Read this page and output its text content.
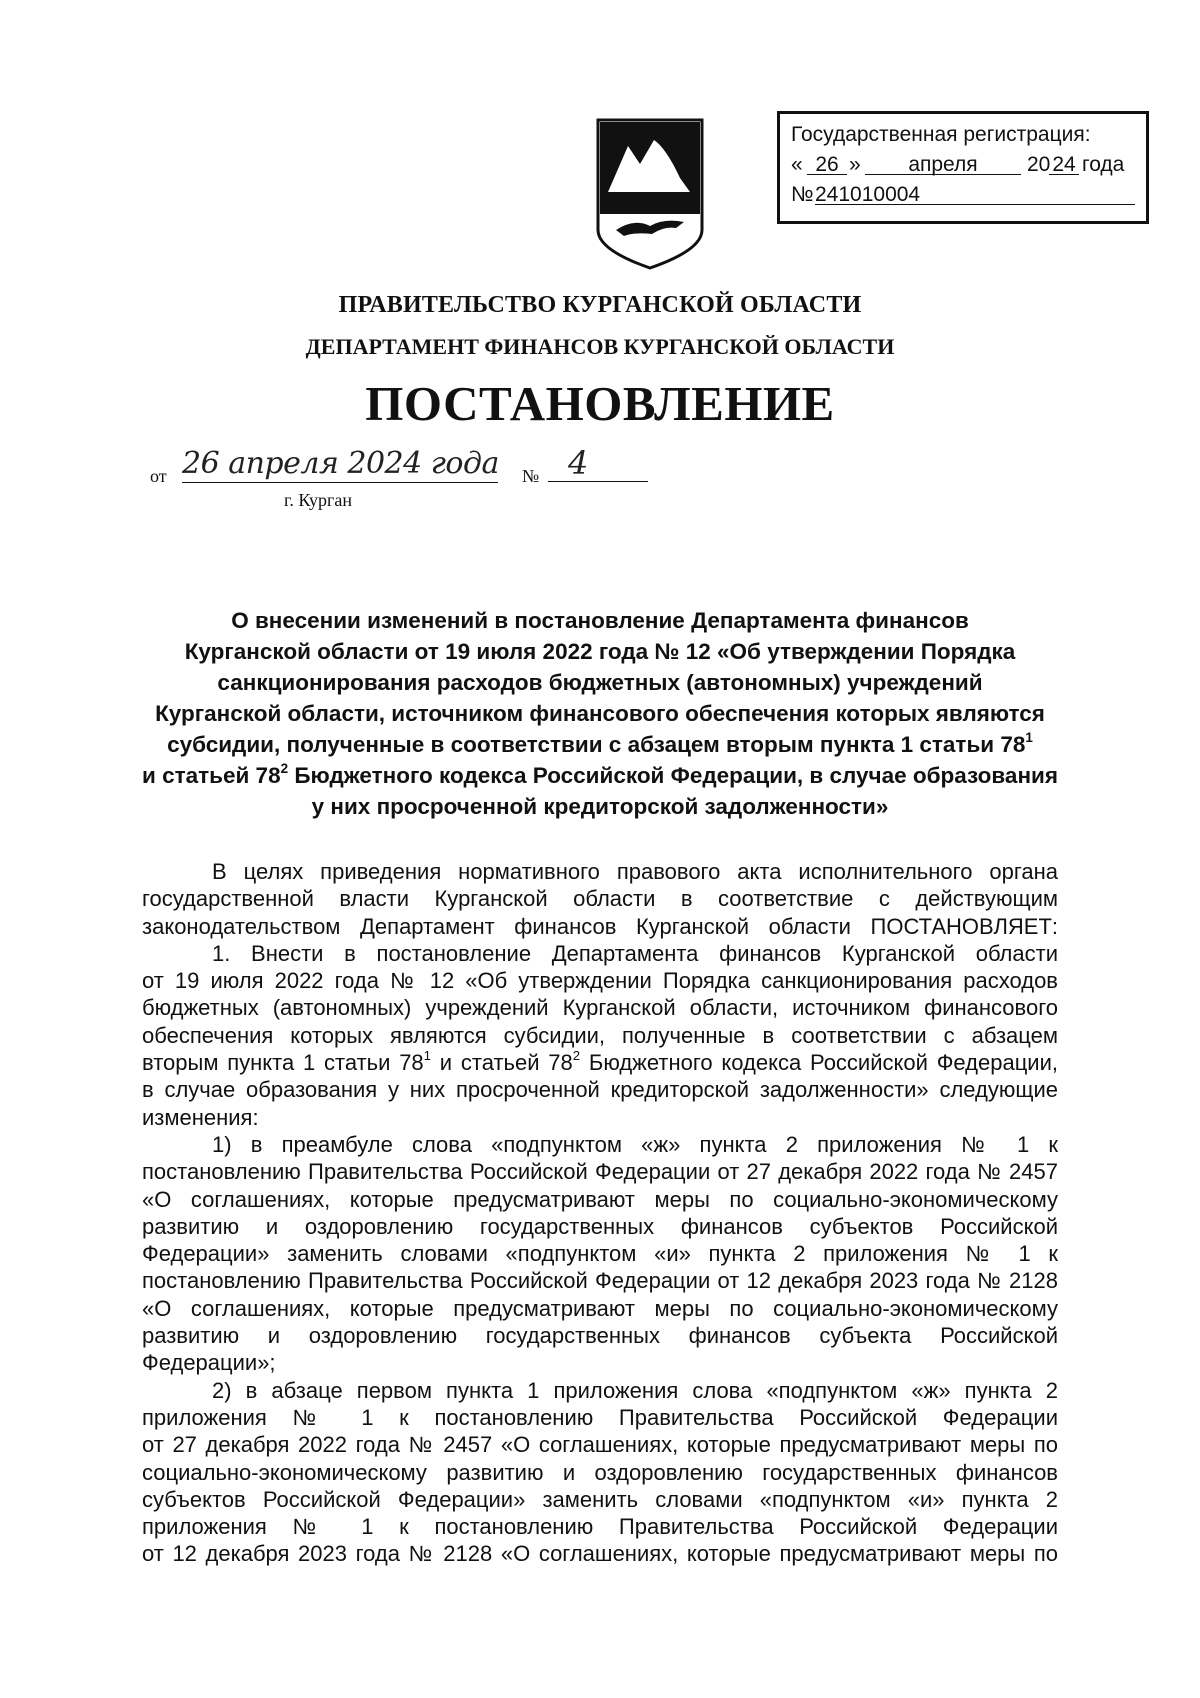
Государственная регистрация:
« 26 »	апреля	20 24 года
№ 241010004
ПРАВИТЕЛЬСТВО КУРГАНСКОЙ ОБЛАСТИ
ДЕПАРТАМЕНТ ФИНАНСОВ КУРГАНСКОЙ ОБЛАСТИ
ПОСТАНОВЛЕНИЕ
от 26 апреля 2024 года № 4
г. Курган
О внесении изменений в постановление Департамента финансов
Курганской области от 19 июля 2022 года № 12 «Об утверждении Порядка
санкционирования расходов бюджетных (автономных) учреждений
Курганской области, источником финансового обеспечения которых являются
субсидии, полученные в соответствии с абзацем вторым пункта 1 статьи $78^1$
и статьей $78^2$ Бюджетного кодекса Российской Федерации, в случае образования
у них просроченной кредиторской задолженности»
В целях приведения нормативного правового акта исполнительного органа
государственной власти Курганской области в соответствие с действующим
законодательством Департамент финансов Курганской области ПОСТАНОВЛЯЕТ:
1. Внести в постановление Департамента финансов Курганской области
от 19 июля 2022 года № 12 «Об утверждении Порядка санкционирования расходов
бюджетных (автономных) учреждений Курганской области, источником финансового
обеспечения которых являются субсидии, полученные в соответствии с абзацем
вторым пункта 1 статьи $78^1$ и статьей $78^2$ Бюджетного кодекса Российской Федерации,
в случае образования у них просроченной кредиторской задолженности» следующие
изменения:
1) в преамбуле слова «подпунктом «ж» пункта 2 приложения № 1 к
постановлению Правительства Российской Федерации от 27 декабря 2022 года № 2457
«О соглашениях, которые предусматривают меры по социально-экономическому
развитию и оздоровлению государственных финансов субъектов Российской
Федерации» заменить словами «подпунктом «и» пункта 2 приложения № 1 к
постановлению Правительства Российской Федерации от 12 декабря 2023 года № 2128
«О соглашениях, которые предусматривают меры по социально-экономическому
развитию и оздоровлению государственных финансов субъекта Российской
Федерации»;
2) в абзаце первом пункта 1 приложения слова «подпунктом «ж» пункта 2
приложения № 1 к постановлению Правительства Российской Федерации
от 27 декабря 2022 года № 2457 «О соглашениях, которые предусматривают меры по
социально-экономическому развитию и оздоровлению государственных финансов
субъектов Российской Федерации» заменить словами «подпунктом «и» пункта 2
приложения № 1 к постановлению Правительства Российской Федерации
от 12 декабря 2023 года № 2128 «О соглашениях, которые предусматривают меры по
